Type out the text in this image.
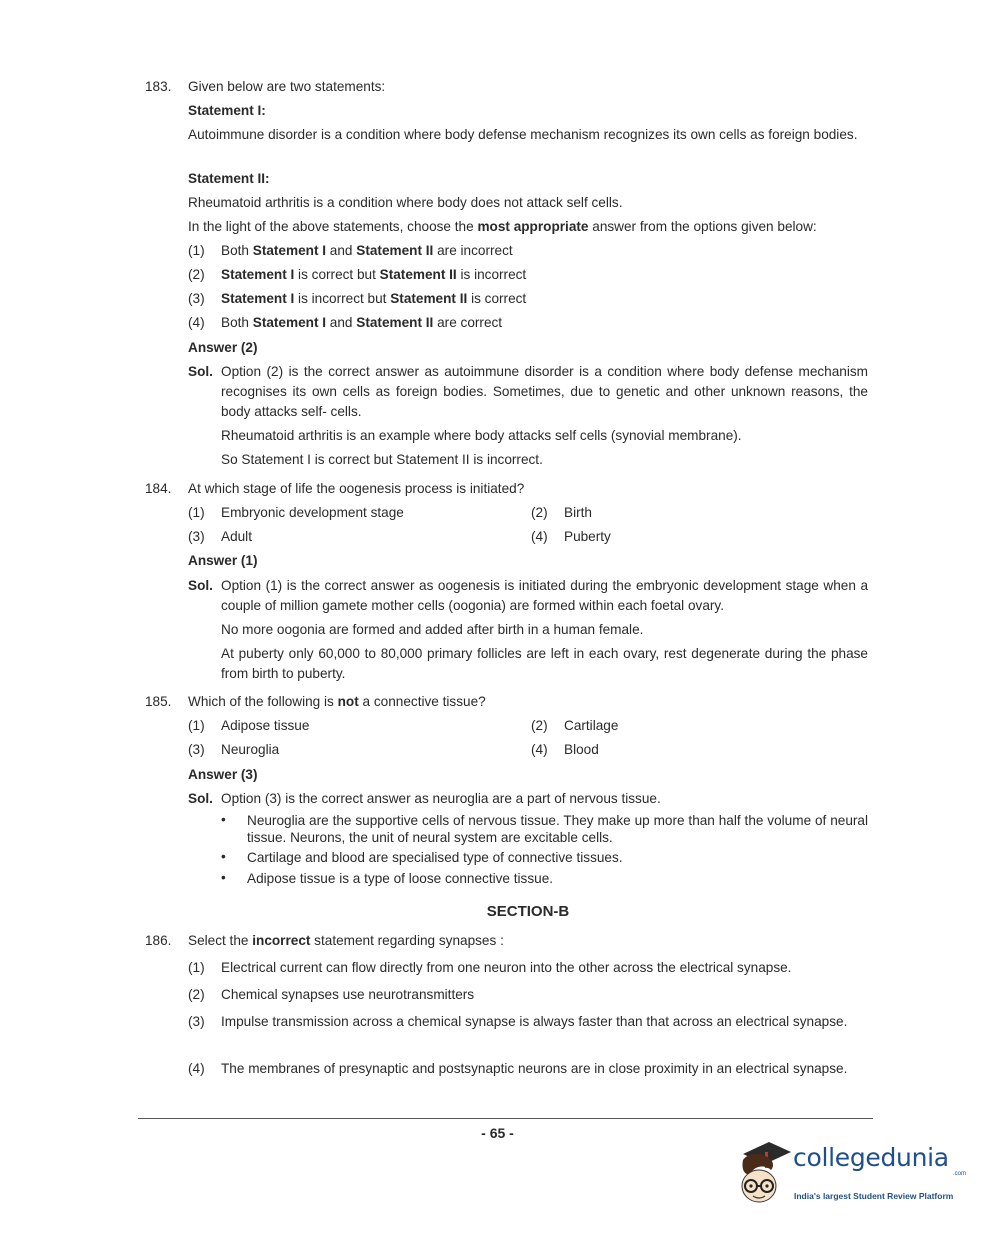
183. Given below are two statements:
Statement I:
Autoimmune disorder is a condition where body defense mechanism recognizes its own cells as foreign bodies.
Statement II:
Rheumatoid arthritis is a condition where body does not attack self cells.
In the light of the above statements, choose the most appropriate answer from the options given below:
(1) Both Statement I and Statement II are incorrect
(2) Statement I is correct but Statement II is incorrect
(3) Statement I is incorrect but Statement II is correct
(4) Both Statement I and Statement II are correct
Answer (2)
Sol. Option (2) is the correct answer as autoimmune disorder is a condition where body defense mechanism recognises its own cells as foreign bodies. Sometimes, due to genetic and other unknown reasons, the body attacks self- cells.
Rheumatoid arthritis is an example where body attacks self cells (synovial membrane).
So Statement I is correct but Statement II is incorrect.
184. At which stage of life the oogenesis process is initiated?
(1) Embryonic development stage	(2) Birth
(3) Adult	(4) Puberty
Answer (1)
Sol. Option (1) is the correct answer as oogenesis is initiated during the embryonic development stage when a couple of million gamete mother cells (oogonia) are formed within each foetal ovary.
No more oogonia are formed and added after birth in a human female.
At puberty only 60,000 to 80,000 primary follicles are left in each ovary, rest degenerate during the phase from birth to puberty.
185. Which of the following is not a connective tissue?
(1) Adipose tissue	(2) Cartilage
(3) Neuroglia	(4) Blood
Answer (3)
Sol. Option (3) is the correct answer as neuroglia are a part of nervous tissue.
• Neuroglia are the supportive cells of nervous tissue. They make up more than half the volume of neural tissue. Neurons, the unit of neural system are excitable cells.
• Cartilage and blood are specialised type of connective tissues.
• Adipose tissue is a type of loose connective tissue.
SECTION-B
186. Select the incorrect statement regarding synapses :
(1) Electrical current can flow directly from one neuron into the other across the electrical synapse.
(2) Chemical synapses use neurotransmitters
(3) Impulse transmission across a chemical synapse is always faster than that across an electrical synapse.
(4) The membranes of presynaptic and postsynaptic neurons are in close proximity in an electrical synapse.
- 65 -
collegedunia
.com
India's largest Student Review Platform
